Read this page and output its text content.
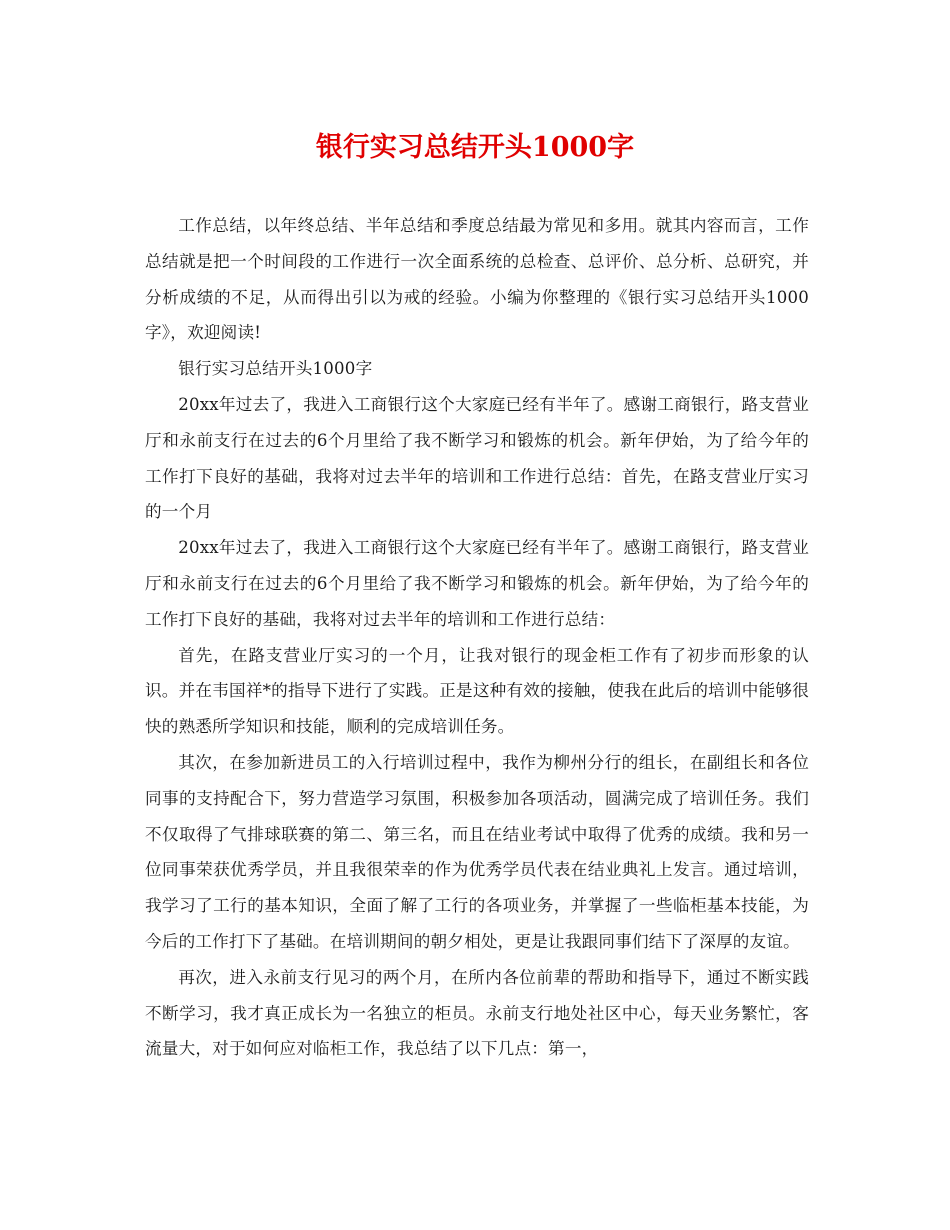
银行实习总结开头1000字

工作总结，以年终总结、半年总结和季度总结最为常见和多用。就其内容而言，工作总结就是把一个时间段的工作进行一次全面系统的总检查、总评价、总分析、总研究，并分析成绩的不足，从而得出引以为戒的经验。小编为你整理的《银行实习总结开头1000字》，欢迎阅读!

银行实习总结开头1000字

20xx年过去了，我进入工商银行这个大家庭已经有半年了。感谢工商银行，路支营业厅和永前支行在过去的6个月里给了我不断学习和锻炼的机会。新年伊始，为了给今年的工作打下良好的基础，我将对过去半年的培训和工作进行总结：首先，在路支营业厅实习的一个月

20xx年过去了，我进入工商银行这个大家庭已经有半年了。感谢工商银行，路支营业厅和永前支行在过去的6个月里给了我不断学习和锻炼的机会。新年伊始，为了给今年的工作打下良好的基础，我将对过去半年的培训和工作进行总结：

首先，在路支营业厅实习的一个月，让我对银行的现金柜工作有了初步而形象的认识。并在韦国祥*的指导下进行了实践。正是这种有效的接触，使我在此后的培训中能够很快的熟悉所学知识和技能，顺利的完成培训任务。

其次，在参加新进员工的入行培训过程中，我作为柳州分行的组长，在副组长和各位同事的支持配合下，努力营造学习氛围，积极参加各项活动，圆满完成了培训任务。我们不仅取得了气排球联赛的第二、第三名，而且在结业考试中取得了优秀的成绩。我和另一位同事荣获优秀学员，并且我很荣幸的作为优秀学员代表在结业典礼上发言。通过培训，我学习了工行的基本知识，全面了解了工行的各项业务，并掌握了一些临柜基本技能，为今后的工作打下了基础。在培训期间的朝夕相处，更是让我跟同事们结下了深厚的友谊。

再次，进入永前支行见习的两个月，在所内各位前辈的帮助和指导下，通过不断实践不断学习，我才真正成长为一名独立的柜员。永前支行地处社区中心，每天业务繁忙，客流量大，对于如何应对临柜工作，我总结了以下几点：第一，
